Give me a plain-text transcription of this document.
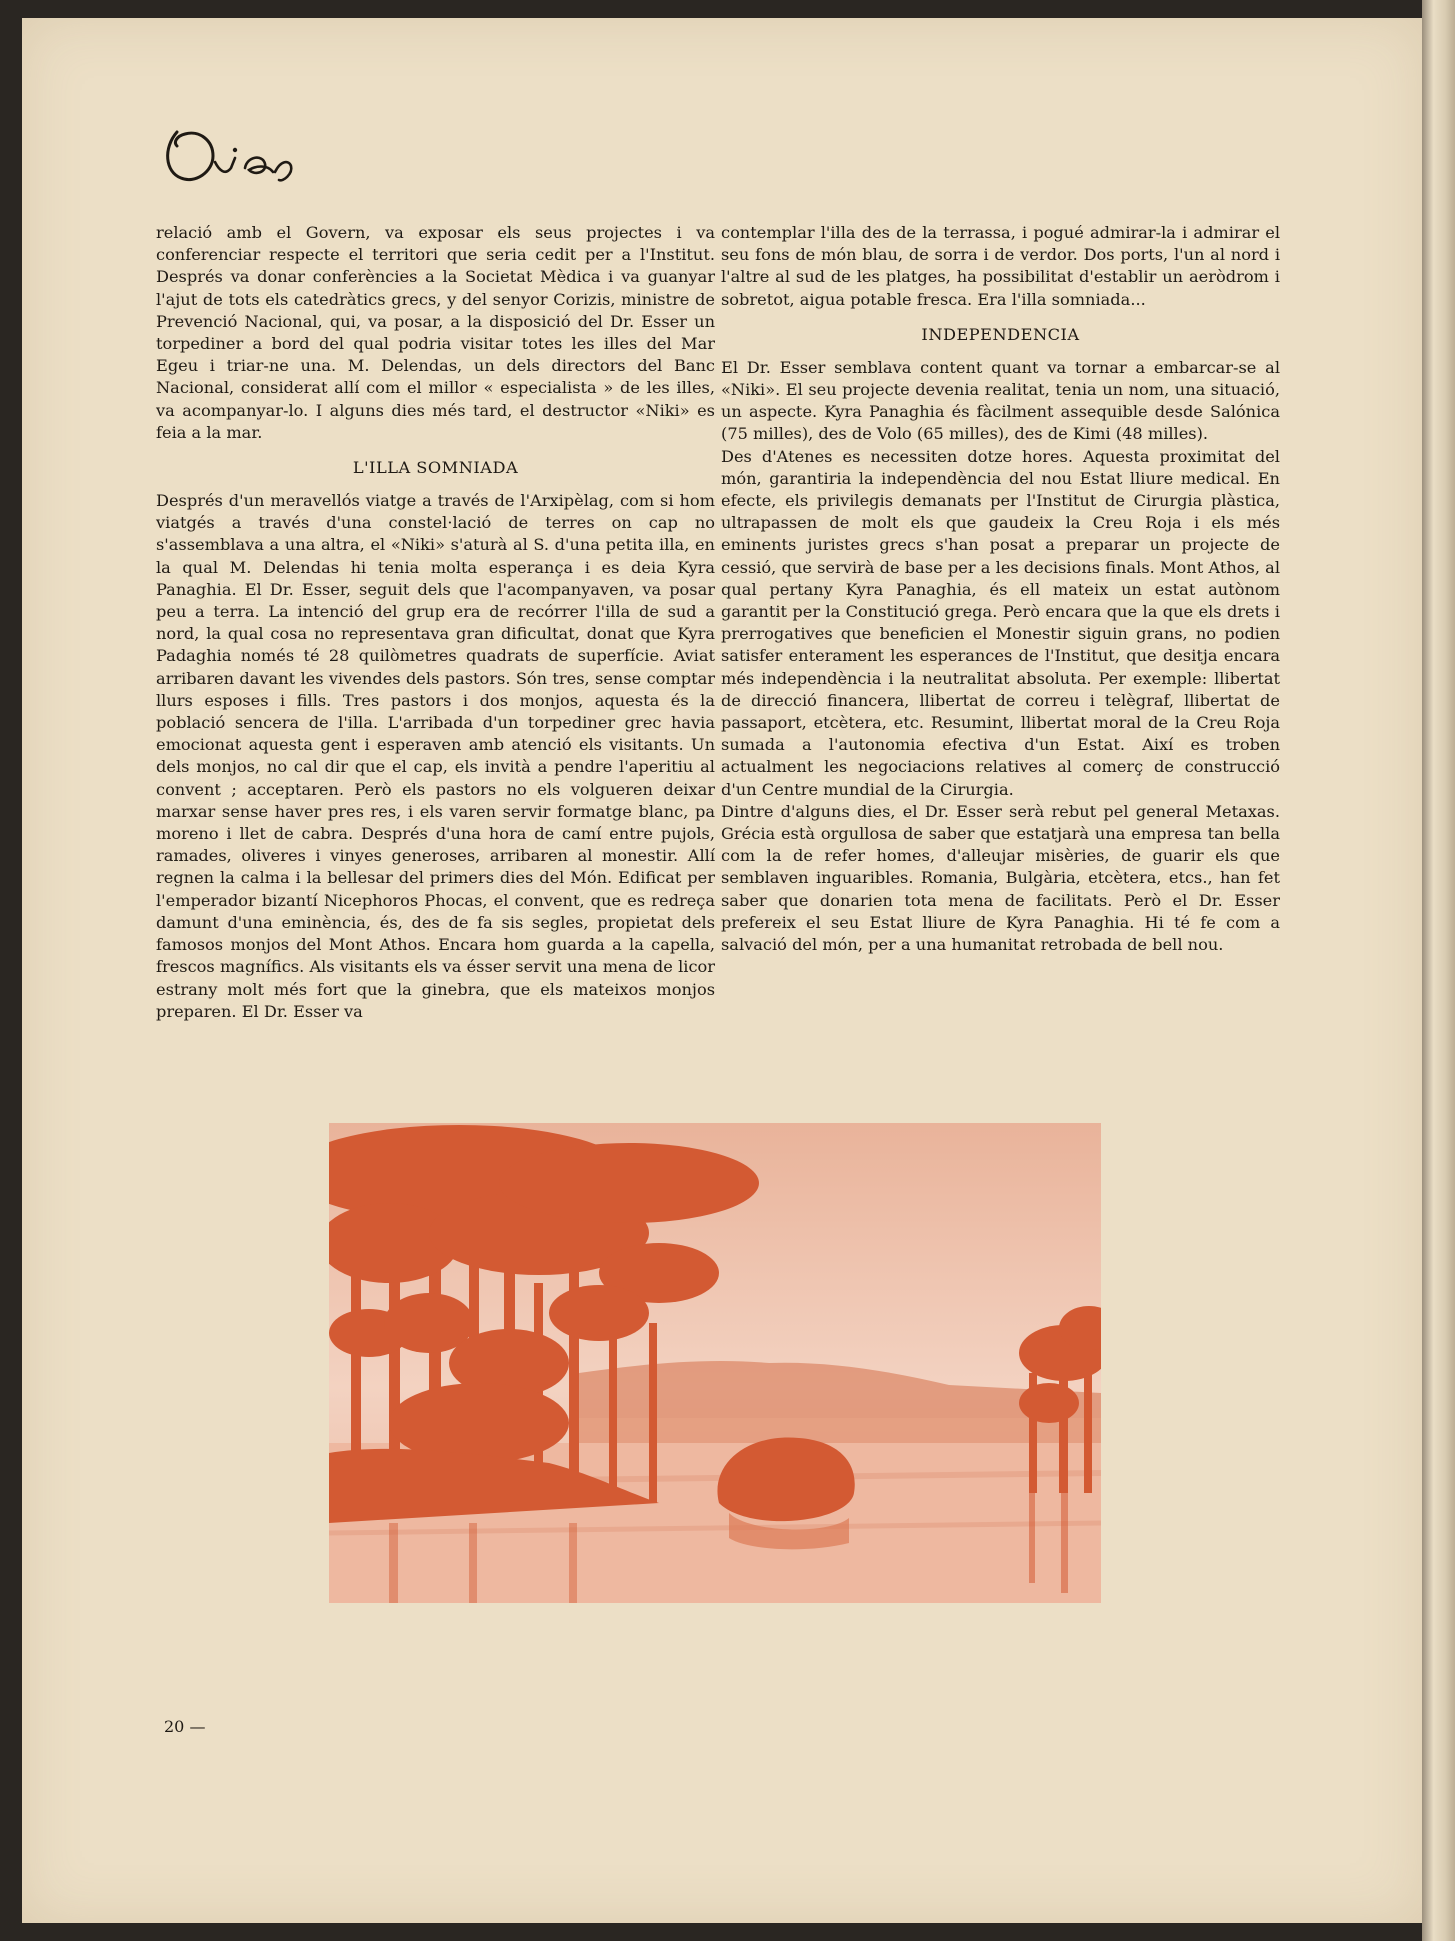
relació amb el Govern, va exposar els seus projectes i va conferenciar respecte el territori que seria cedit per a l'Institut. Després va donar conferències a la Societat Mèdica i va guanyar l'ajut de tots els catedràtics grecs, y del senyor Corizis, ministre de Prevenció Nacional, qui, va posar, a la disposició del Dr. Esser un torpediner a bord del qual podria visitar totes les illes del Mar Egeu i triar-ne una. M. Delendas, un dels directors del Banc Nacional, considerat allí com el millor « especialista » de les illes, va acompanyar-lo. I alguns dies més tard, el destructor «Niki» es feia a la mar.

L'ILLA SOMNIADA

Després d'un meravellós viatge a través de l'Arxipèlag, com si hom viatgés a través d'una constel·lació de terres on cap no s'assemblava a una altra, el «Niki» s'aturà al S. d'una petita illa, en la qual M. Delendas hi tenia molta esperança i es deia Kyra Panaghia. El Dr. Esser, seguit dels que l'acompanyaven, va posar peu a terra. La intenció del grup era de recórrer l'illa de sud a nord, la qual cosa no representava gran dificultat, donat que Kyra Padaghia només té 28 quilòmetres quadrats de superfície. Aviat arribaren davant les vivendes dels pastors. Són tres, sense comptar llurs esposes i fills. Tres pastors i dos monjos, aquesta és la població sencera de l'illa. L'arribada d'un torpediner grec havia emocionat aquesta gent i esperaven amb atenció els visitants. Un dels monjos, no cal dir que el cap, els invità a pendre l'aperitiu al convent ; acceptaren. Però els pastors no els volgueren deixar marxar sense haver pres res, i els varen servir formatge blanc, pa moreno i llet de cabra. Després d'una hora de camí entre pujols, ramades, oliveres i vinyes generoses, arribaren al monestir. Allí regnen la calma i la bellesar del primers dies del Món. Edificat per l'emperador bizantí Nicephoros Phocas, el convent, que es redreça damunt d'una eminència, és, des de fa sis segles, propietat dels famosos monjos del Mont Athos. Encara hom guarda a la capella, frescos magnífics. Als visitants els va ésser servit una mena de licor estrany molt més fort que la ginebra, que els mateixos monjos preparen. El Dr. Esser va

contemplar l'illa des de la terrassa, i pogué admirar-la i admirar el seu fons de món blau, de sorra i de verdor. Dos ports, l'un al nord i l'altre al sud de les platges, ha possibilitat d'establir un aeròdrom i sobretot, aigua potable fresca. Era l'illa somniada...

INDEPENDENCIA

El Dr. Esser semblava content quant va tornar a embarcar-se al «Niki». El seu projecte devenia realitat, tenia un nom, una situació, un aspecte. Kyra Panaghia és fàcilment assequible desde Salónica (75 milles), des de Volo (65 milles), des de Kimi (48 milles).

Des d'Atenes es necessiten dotze hores. Aquesta proximitat del món, garantiria la independència del nou Estat lliure medical. En efecte, els privilegis demanats per l'Institut de Cirurgia plàstica, ultrapassen de molt els que gaudeix la Creu Roja i els més eminents juristes grecs s'han posat a preparar un projecte de cessió, que servirà de base per a les decisions finals. Mont Athos, al qual pertany Kyra Panaghia, és ell mateix un estat autònom garantit per la Constitució grega. Però encara que la que els drets i prerrogatives que beneficien el Monestir siguin grans, no podien satisfer enterament les esperances de l'Institut, que desitja encara més independència i la neutralitat absoluta. Per exemple: llibertat de direcció financera, llibertat de correu i telègraf, llibertat de passaport, etcètera, etc. Resumint, llibertat moral de la Creu Roja sumada a l'autonomia efectiva d'un Estat. Així es troben actualment les negociacions relatives al comerç de construcció d'un Centre mundial de la Cirurgia.

Dintre d'alguns dies, el Dr. Esser serà rebut pel general Metaxas. Grécia està orgullosa de saber que estatjarà una empresa tan bella com la de refer homes, d'alleujar misèries, de guarir els que semblaven inguaribles. Romania, Bulgària, etcètera, etcs., han fet saber que donarien tota mena de facilitats. Però el Dr. Esser prefereix el seu Estat lliure de Kyra Panaghia. Hi té fe com a salvació del món, per a una humanitat retrobada de bell nou.

20 —
